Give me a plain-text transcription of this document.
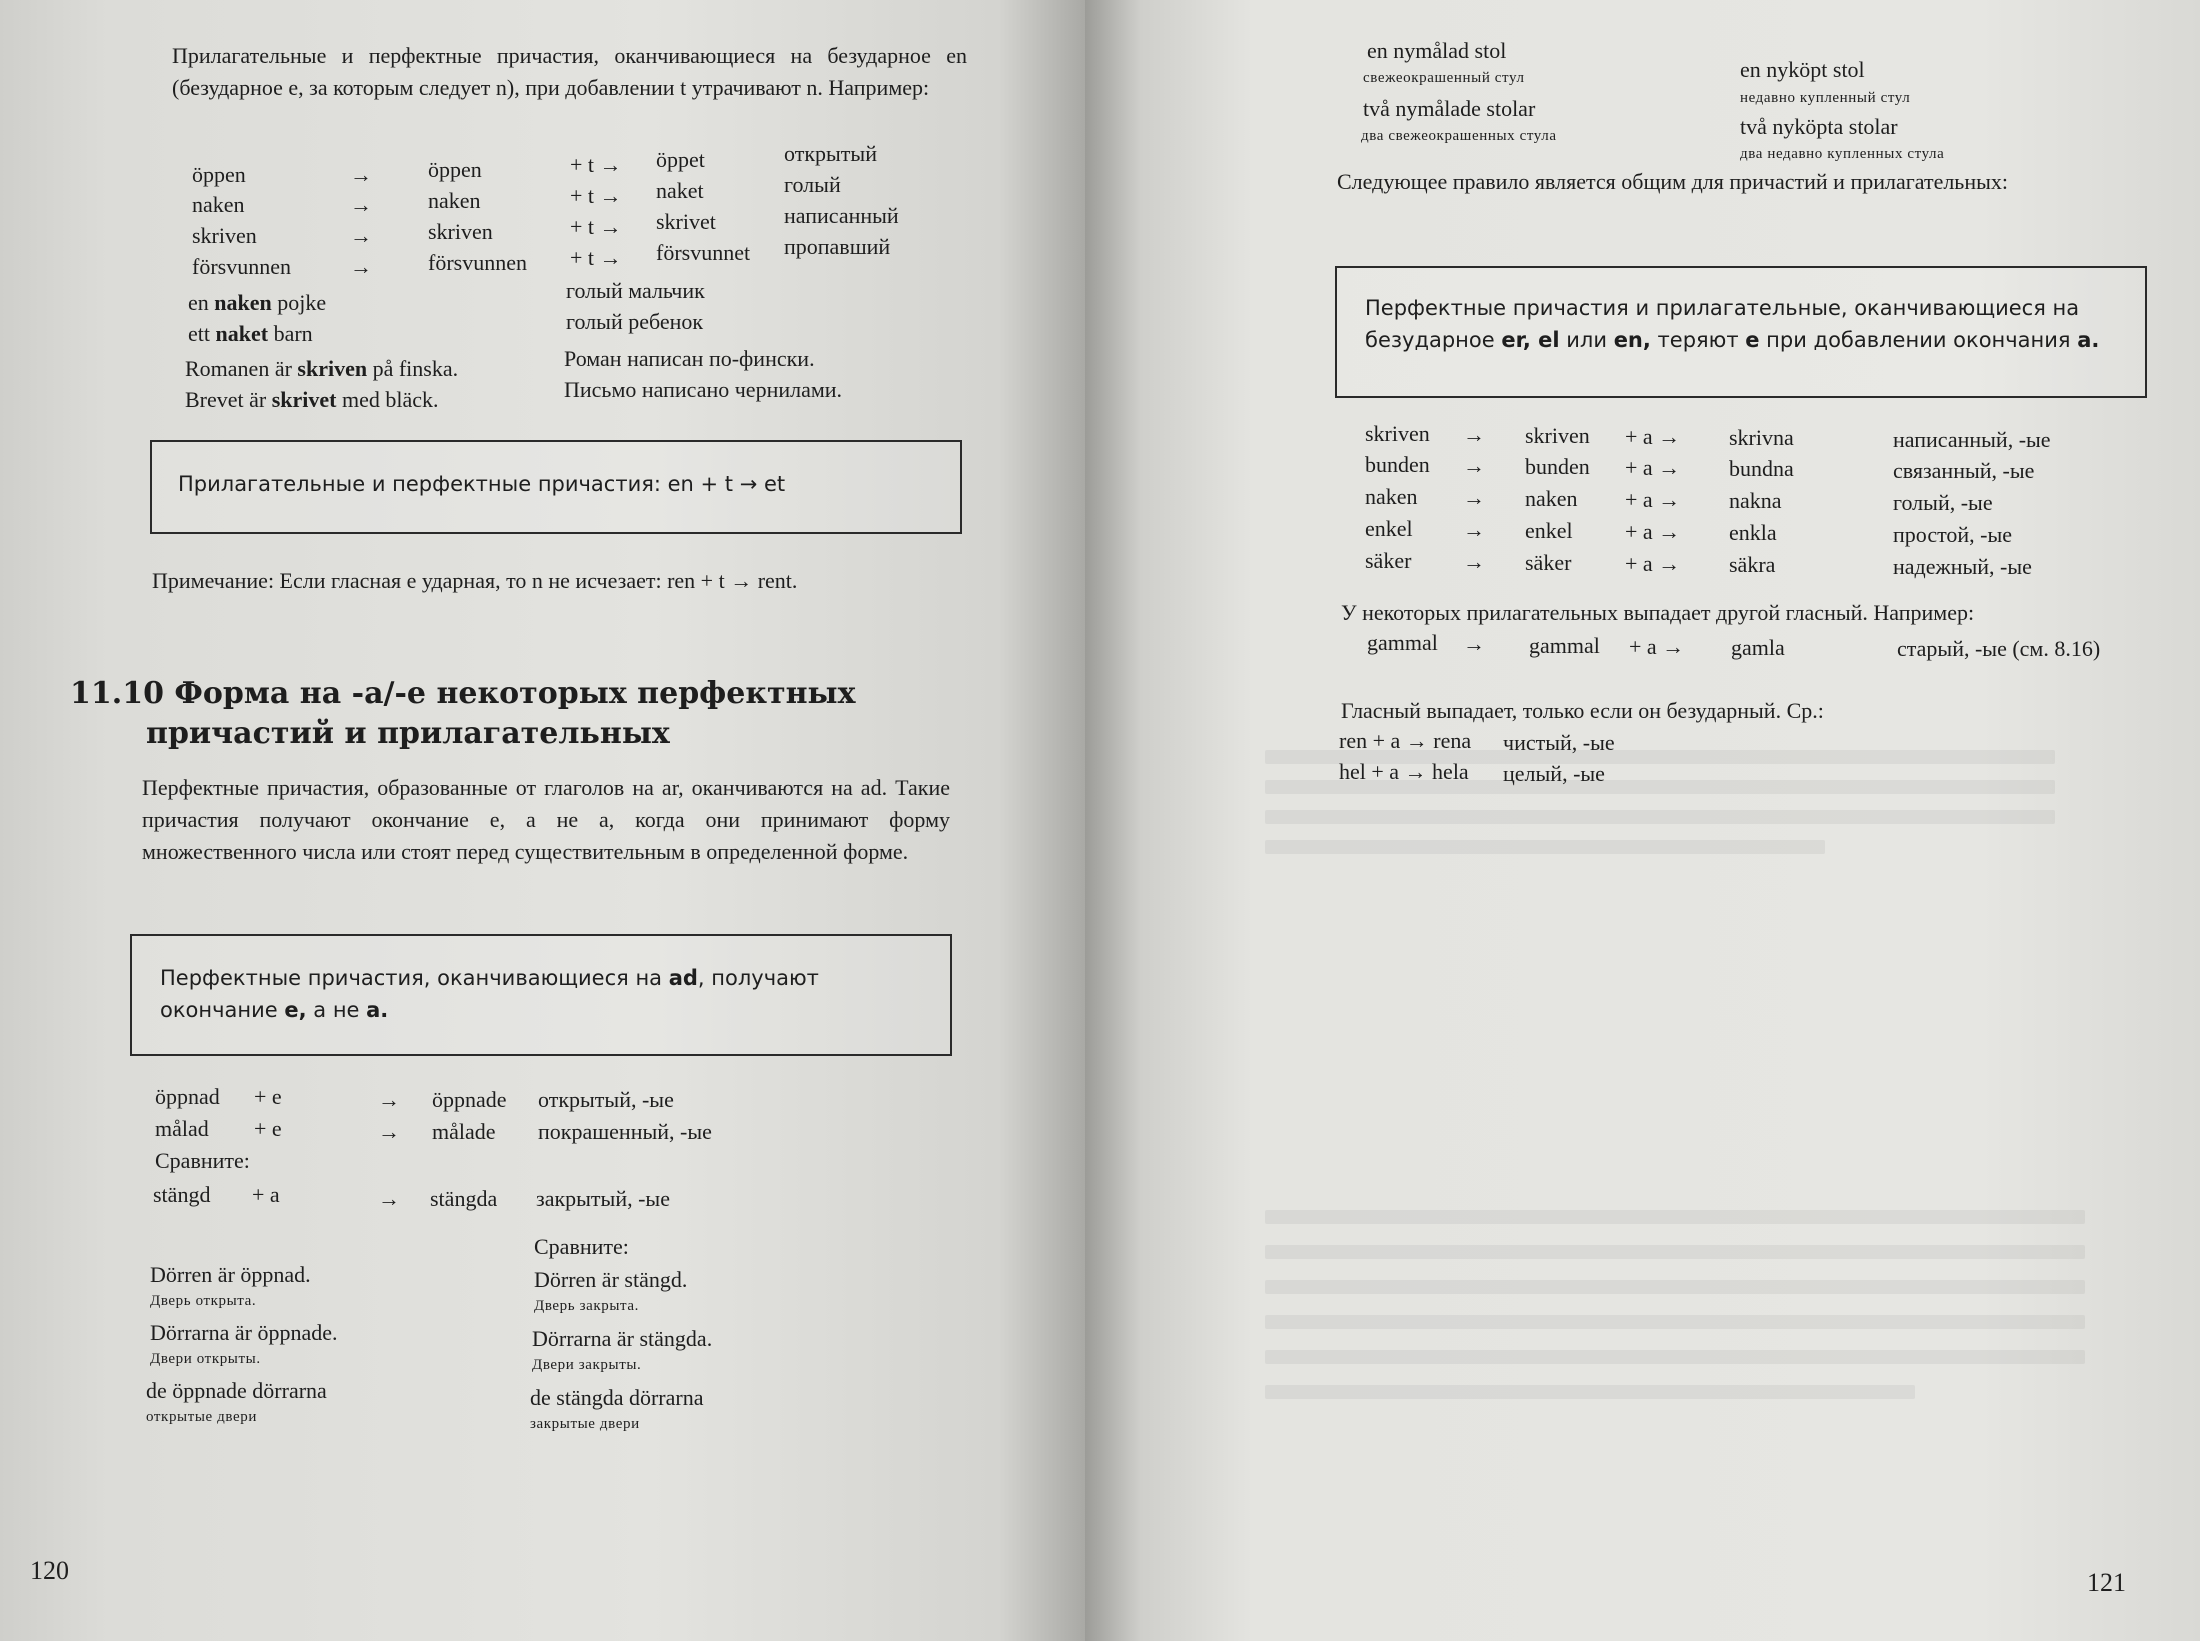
Прилагательные и перфектные причастия, оканчивающиеся на безударное en (безударное e, за которым следует n), при добавлении t утрачивают n. Например:
öppen	→	öppen	+ t → öppet	открытый
naken	→	naken	+ t → naket	голый
skriven	→	skriven	+ t → skrivet	написанный
försvunnen	→	försvunnen + t → försvunnet пропавший
en naken pojke	голый мальчик
ett naket barn	голый ребенок
Romanen är skriven på finska.	Роман написан по-фински.
Brevet är skrivet med bläck.	Письмо написано чернилами.
Прилагательные и перфектные причастия: en + t → et
Примечание: Если гласная e ударная, то n не исчезает: ren + t → rent.
11.10 Форма на -a/-e некоторых перфектных
причастий и прилагательных
Перфектные причастия, образованные от глаголов на ar, оканчиваются на ad. Такие причастия получают окончание e, а не a, когда они принимают форму множественного числа или стоят перед существительным в определенной форме.
Перфектные причастия, оканчивающиеся на ad, получают
окончание e, а не a.
öppnad + e	→ öppnade открытый, -ые
målad + e	→ målade покрашенный, -ые
Сравните:
stängd + a	→ stängda закрытый, -ые
Dörren är öppnad.
Дверь открыта.
Dörrarna är öppnade.
Двери открыты.
de öppnade dörrarna
открытые двери
Сравните:
Dörren är stängd.
Дверь закрыта.
Dörrarna är stängda.
Двери закрыты.
de stängda dörrarna
закрытые двери
120
en nymålad stol
свежеокрашенный стул
två nymålade stolar
два свежеокрашенных стула
en nyköpt stol
недавно купленный стул
två nyköpta stolar
два недавно купленных стула
Следующее правило является общим для причастий и прилагательных:
Перфектные причастия и прилагательные, оканчивающиеся на
безударное er, el или en, теряют e при добавлении окончания a.
skriven → skriven + a → skrivna	написанный, -ые
bunden → bunden + a → bundna	связанный, -ые
naken → naken + a → nakna	голый, -ые
enkel → enkel + a → enkla	простой, -ые
säker → säker + a → säkra	надежный, -ые
У некоторых прилагательных выпадает другой гласный. Например:
gammal → gammal + a → gamla	старый, -ые (см. 8.16)
Гласный выпадает, только если он безударный. Ср.:
ren + a → rena чистый, -ые
hel + a → hela целый, -ые
121
